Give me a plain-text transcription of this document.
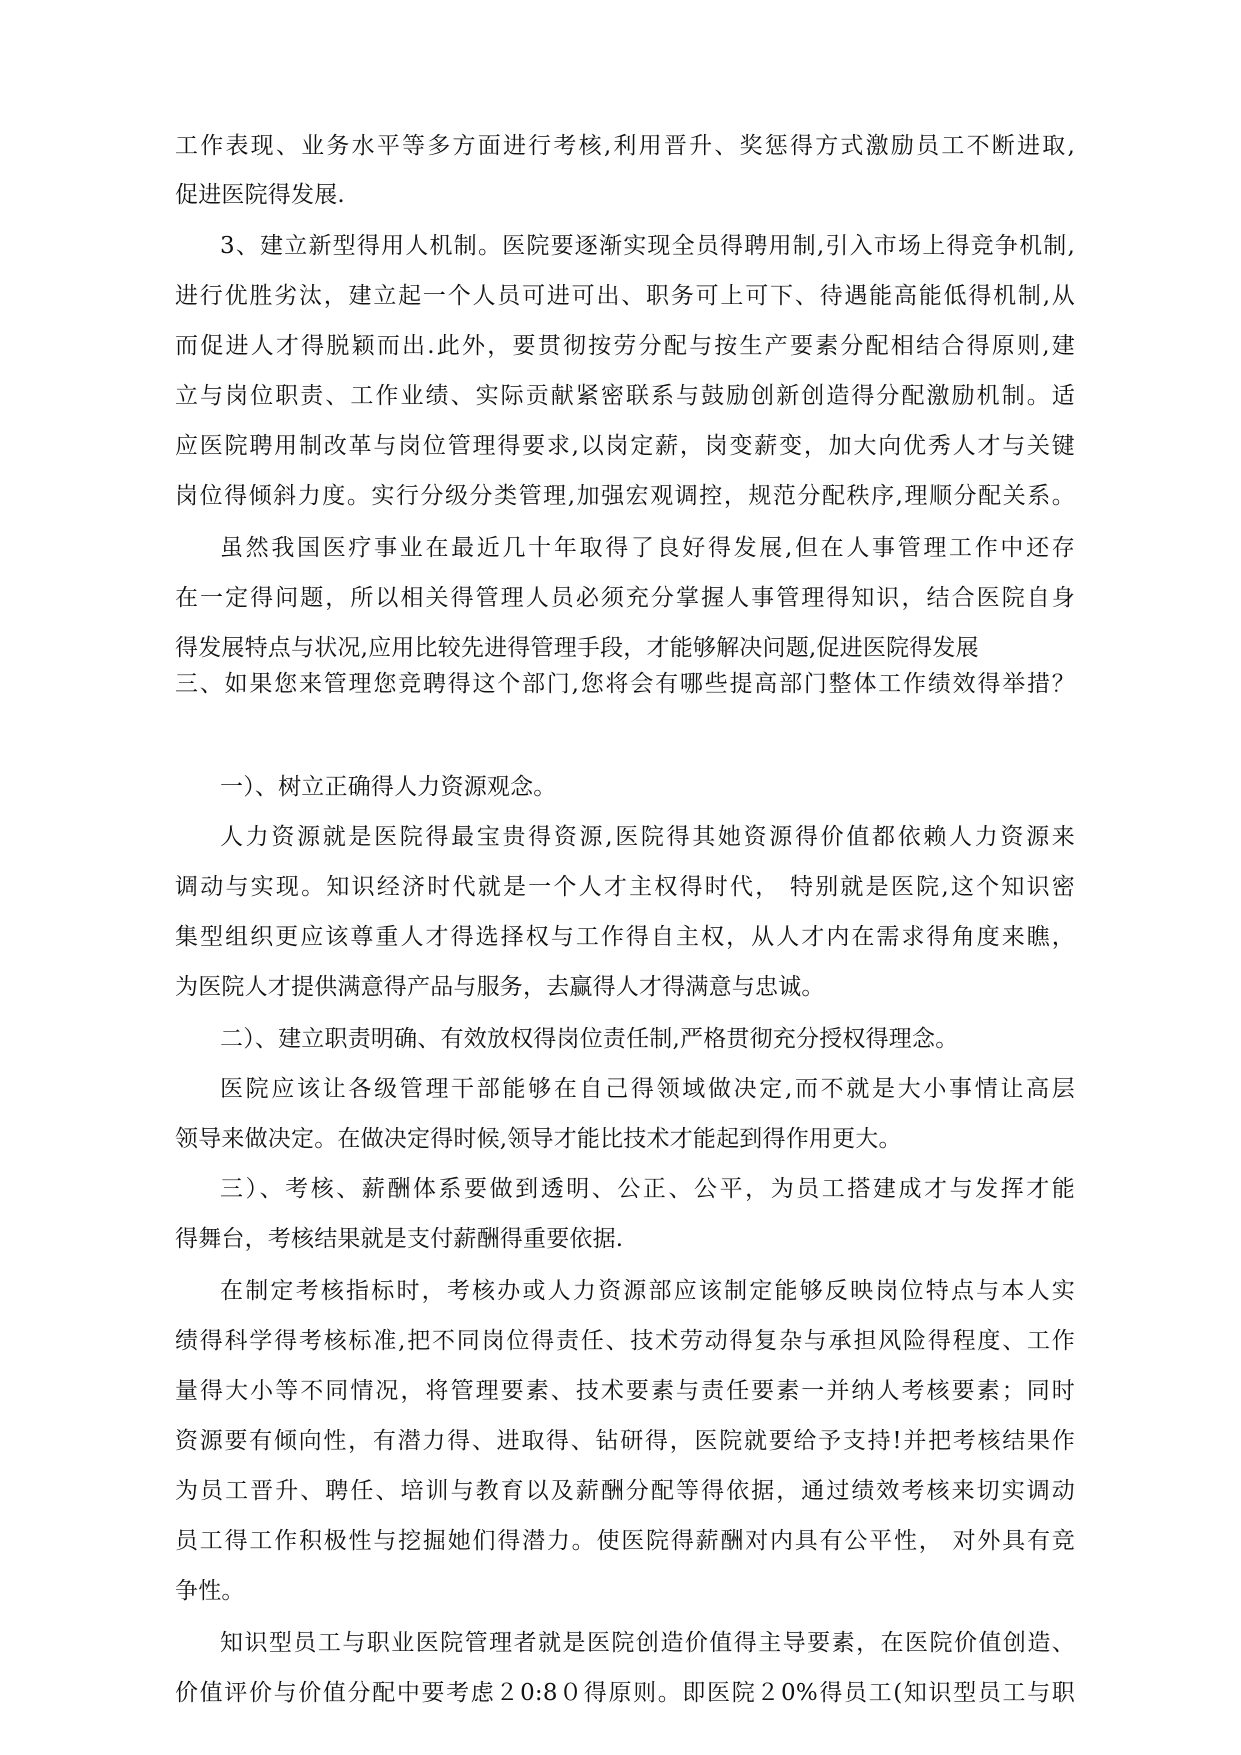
工作表现、业务水平等多方面进行考核,利用晋升、奖惩得方式激励员工不断进取,
促进医院得发展.
3、建立新型得用人机制。医院要逐渐实现全员得聘用制,引入市场上得竞争机制,
进行优胜劣汰，建立起一个人员可进可出、职务可上可下、待遇能高能低得机制,从
而促进人才得脱颖而出.此外，要贯彻按劳分配与按生产要素分配相结合得原则,建
立与岗位职责、工作业绩、实际贡献紧密联系与鼓励创新创造得分配激励机制。适
应医院聘用制改革与岗位管理得要求,以岗定薪，岗变薪变，加大向优秀人才与关键
岗位得倾斜力度。实行分级分类管理,加强宏观调控，规范分配秩序,理顺分配关系。
虽然我国医疗事业在最近几十年取得了良好得发展,但在人事管理工作中还存
在一定得问题，所以相关得管理人员必须充分掌握人事管理得知识，结合医院自身
得发展特点与状况,应用比较先进得管理手段，才能够解决问题,促进医院得发展
三、如果您来管理您竞聘得这个部门,您将会有哪些提高部门整体工作绩效得举措？
一）、树立正确得人力资源观念。
人力资源就是医院得最宝贵得资源,医院得其她资源得价值都依赖人力资源来
调动与实现。知识经济时代就是一个人才主权得时代， 特别就是医院,这个知识密
集型组织更应该尊重人才得选择权与工作得自主权，从人才内在需求得角度来瞧，
为医院人才提供满意得产品与服务，去赢得人才得满意与忠诚。
二）、建立职责明确、有效放权得岗位责任制,严格贯彻充分授权得理念。
医院应该让各级管理干部能够在自己得领域做决定,而不就是大小事情让高层
领导来做决定。在做决定得时候,领导才能比技术才能起到得作用更大。
三）、考核、薪酬体系要做到透明、公正、公平，为员工搭建成才与发挥才能
得舞台，考核结果就是支付薪酬得重要依据.
在制定考核指标时，考核办或人力资源部应该制定能够反映岗位特点与本人实
绩得科学得考核标准,把不同岗位得责任、技术劳动得复杂与承担风险得程度、工作
量得大小等不同情况，将管理要素、技术要素与责任要素一并纳人考核要素；同时
资源要有倾向性，有潜力得、进取得、钻研得，医院就要给予支持!并把考核结果作
为员工晋升、聘任、培训与教育以及薪酬分配等得依据，通过绩效考核来切实调动
员工得工作积极性与挖掘她们得潜力。使医院得薪酬对内具有公平性， 对外具有竞
争性。
知识型员工与职业医院管理者就是医院创造价值得主导要素，在医院价值创造、
价值评价与价值分配中要考虑２0:8０得原则。即医院２0%得员工(知识型员工与职
